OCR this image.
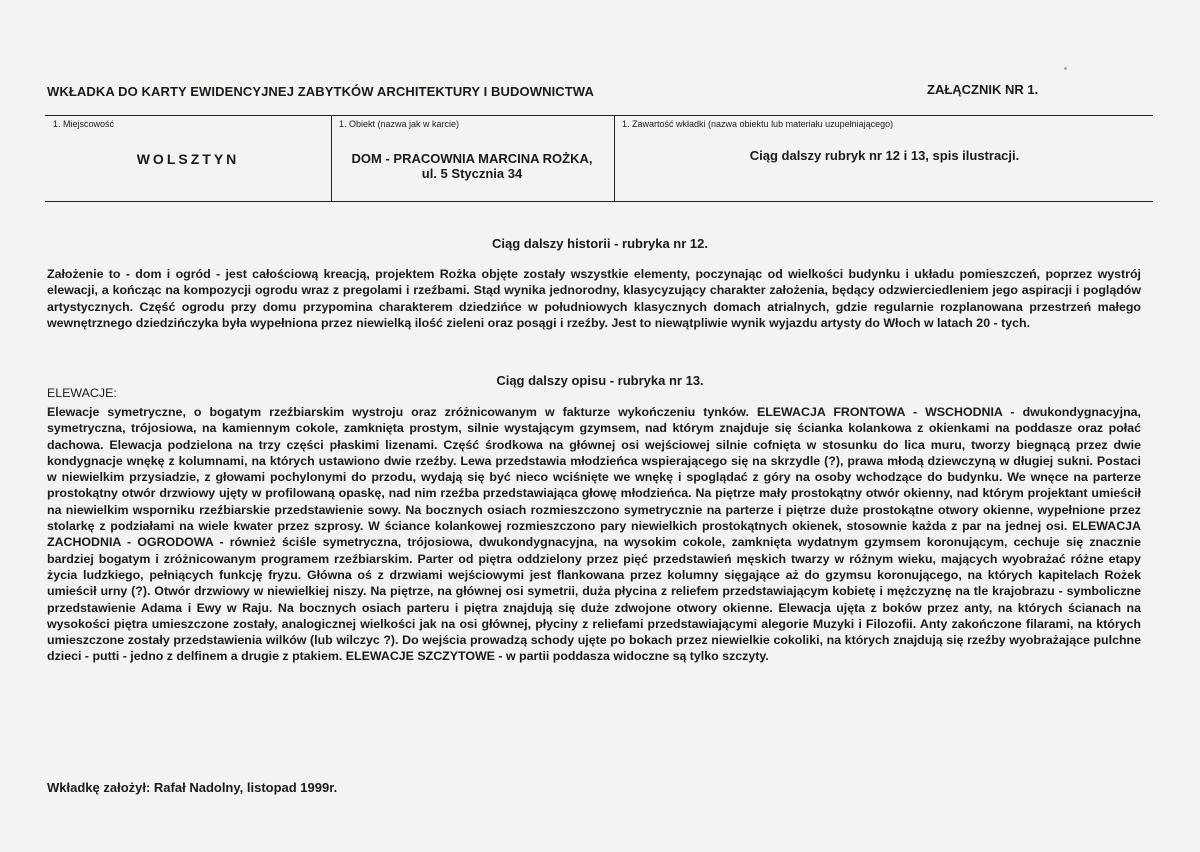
WKŁADKA DO KARTY EWIDENCYJNEJ ZABYTKÓW ARCHITEKTURY I BUDOWNICTWA	ZAŁĄCZNIK NR 1.
1. Miejscowość
WOLSZTYN
1. Obiekt (nazwa jak w karcie)
DOM - PRACOWNIA MARCINA ROŻKA,
ul. 5 Stycznia 34
1. Zawartość wkładki (nazwa obiektu lub materiału uzupełniającego)
Ciąg dalszy rubryk nr 12 i 13, spis ilustracji.
Ciąg dalszy historii - rubryka nr 12.
Założenie to - dom i ogród - jest całościową kreacją, projektem Rożka objęte zostały wszystkie elementy, poczynając od wielkości budynku i układu pomieszczeń, poprzez wystrój elewacji, a kończąc na kompozycji ogrodu wraz z pregolami i rzeźbami. Stąd wynika jednorodny, klasycyzujący charakter założenia, będący odzwierciedleniem jego aspiracji i poglądów artystycznych. Część ogrodu przy domu przypomina charakterem dziedzińce w południowych klasycznych domach atrialnych, gdzie regularnie rozplanowana przestrzeń małego wewnętrznego dziedzińczyka była wypełniona przez niewielką ilość zieleni oraz posągi i rzeźby. Jest to niewątpliwie wynik wyjazdu artysty do Włoch w latach 20 - tych.
Ciąg dalszy opisu - rubryka nr 13.
ELEWACJE:
Elewacje symetryczne, o bogatym rzeźbiarskim wystroju oraz zróżnicowanym w fakturze wykończeniu tynków. ELEWACJA FRONTOWA - WSCHODNIA - dwukondygnacyjna, symetryczna, trójosiowa, na kamiennym cokole, zamknięta prostym, silnie wystającym gzymsem, nad którym znajduje się ścianka kolankowa z okienkami na poddasze oraz połać dachowa. Elewacja podzielona na trzy części płaskimi lizenami. Część środkowa na głównej osi wejściowej silnie cofnięta w stosunku do lica muru, tworzy biegnącą przez dwie kondygnacje wnękę z kolumnami, na których ustawiono dwie rzeźby. Lewa przedstawia młodzieńca wspierającego się na skrzydle (?), prawa młodą dziewczyną w długiej sukni. Postaci w niewielkim przysiadzie, z głowami pochylonymi do przodu, wydają się być nieco wciśnięte we wnękę i spoglądać z góry na osoby wchodzące do budynku. We wnęce na parterze prostokątny otwór drzwiowy ujęty w profilowaną opaskę, nad nim rzeźba przedstawiająca głowę młodzieńca. Na piętrze mały prostokątny otwór okienny, nad którym projektant umieścił na niewielkim wsporniku rzeźbiarskie przedstawienie sowy. Na bocznych osiach rozmieszczono symetrycznie na parterze i piętrze duże prostokątne otwory okienne, wypełnione przez stolarkę z podziałami na wiele kwater przez szprosy. W ściance kolankowej rozmieszczono pary niewielkich prostokątnych okienek, stosownie każda z par na jednej osi. ELEWACJA ZACHODNIA - OGRODOWA - również ściśle symetryczna, trójosiowa, dwukondygnacyjna, na wysokim cokole, zamknięta wydatnym gzymsem koronującym, cechuje się znacznie bardziej bogatym i zróżnicowanym programem rzeźbiarskim. Parter od piętra oddzielony przez pięć przedstawień męskich twarzy w różnym wieku, mających wyobrażać różne etapy życia ludzkiego, pełniących funkcję fryzu. Główna oś z drzwiami wejściowymi jest flankowana przez kolumny sięgające aż do gzymsu koronującego, na których kapitelach Rożek umieścił urny (?). Otwór drzwiowy w niewielkiej niszy. Na piętrze, na głównej osi symetrii, duża płycina z reliefem przedstawiającym kobietę i mężczyznę na tle krajobrazu - symboliczne przedstawienie Adama i Ewy w Raju. Na bocznych osiach parteru i piętra znajdują się duże zdwojone otwory okienne. Elewacja ujęta z boków przez anty, na których ścianach na wysokości piętra umieszczone zostały, analogicznej wielkości jak na osi głównej, płyciny z reliefami przedstawiającymi alegorie Muzyki i Filozofii. Anty zakończone filarami, na których umieszczone zostały przedstawienia wilków (lub wilczyc ?). Do wejścia prowadzą schody ujęte po bokach przez niewielkie cokoliki, na których znajdują się rzeźby wyobrażające pulchne dzieci - putti - jedno z delfinem a drugie z ptakiem. ELEWACJE SZCZYTOWE - w partii poddasza widoczne są tylko szczyty.
Wkładkę założył: Rafał Nadolny, listopad 1999r.
